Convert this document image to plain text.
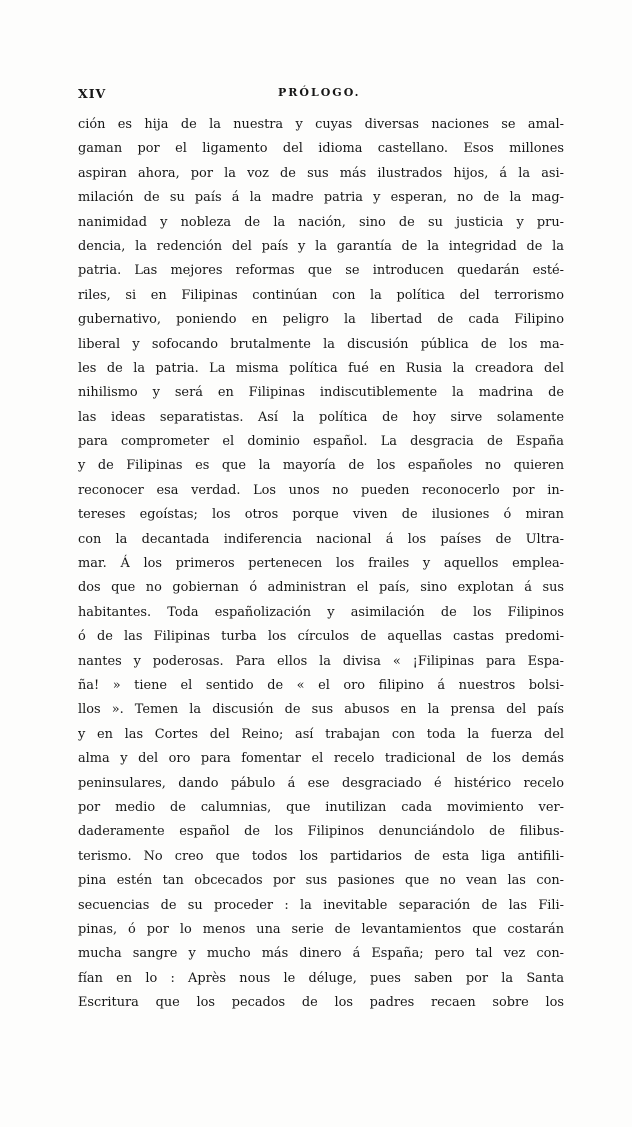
XIV	PRÓLOGO.
ción es hija de la nuestra y cuyas diversas naciones se amal-
gaman por el ligamento del idioma castellano. Esos millones
aspiran ahora, por la voz de sus más ilustrados hijos, á la asi-
milación de su país á la madre patria y esperan, no de la mag-
nanimidad y nobleza de la nación, sino de su justicia y pru-
dencia, la redención del país y la garantía de la integridad de la
patria. Las mejores reformas que se introducen quedarán esté-
riles, si en Filipinas continúan con la política del terrorismo
gubernativo, poniendo en peligro la libertad de cada Filipino
liberal y sofocando brutalmente la discusión pública de los ma-
les de la patria. La misma política fué en Rusia la creadora del
nihilismo y será en Filipinas indiscutiblemente la madrina de
las ideas separatistas. Así la política de hoy sirve solamente
para comprometer el dominio español. La desgracia de España
y de Filipinas es que la mayoría de los españoles no quieren
reconocer esa verdad. Los unos no pueden reconocerlo por in-
tereses egoístas; los otros porque viven de ilusiones ó miran
con la decantada indiferencia nacional á los países de Ultra-
mar. Á los primeros pertenecen los frailes y aquellos emplea-
dos que no gobiernan ó administran el país, sino explotan á sus
habitantes. Toda españolización y asimilación de los Filipinos
ó de las Filipinas turba los círculos de aquellas castas predomi-
nantes y poderosas. Para ellos la divisa « ¡Filipinas para Espa-
ña! » tiene el sentido de « el oro filipino á nuestros bolsi-
llos ». Temen la discusión de sus abusos en la prensa del país
y en las Cortes del Reino; así trabajan con toda la fuerza del
alma y del oro para fomentar el recelo tradicional de los demás
peninsulares, dando pábulo á ese desgraciado é histérico recelo
por medio de calumnias, que inutilizan cada movimiento ver-
daderamente español de los Filipinos denunciándolo de filibus-
terismo. No creo que todos los partidarios de esta liga antifili-
pina estén tan obcecados por sus pasiones que no vean las con-
secuencias de su proceder : la inevitable separación de las Fili-
pinas, ó por lo menos una serie de levantamientos que costarán
mucha sangre y mucho más dinero á España; pero tal vez con-
fían en lo : Après nous le déluge, pues saben por la Santa
Escritura que los pecados de los padres recaen sobre los
